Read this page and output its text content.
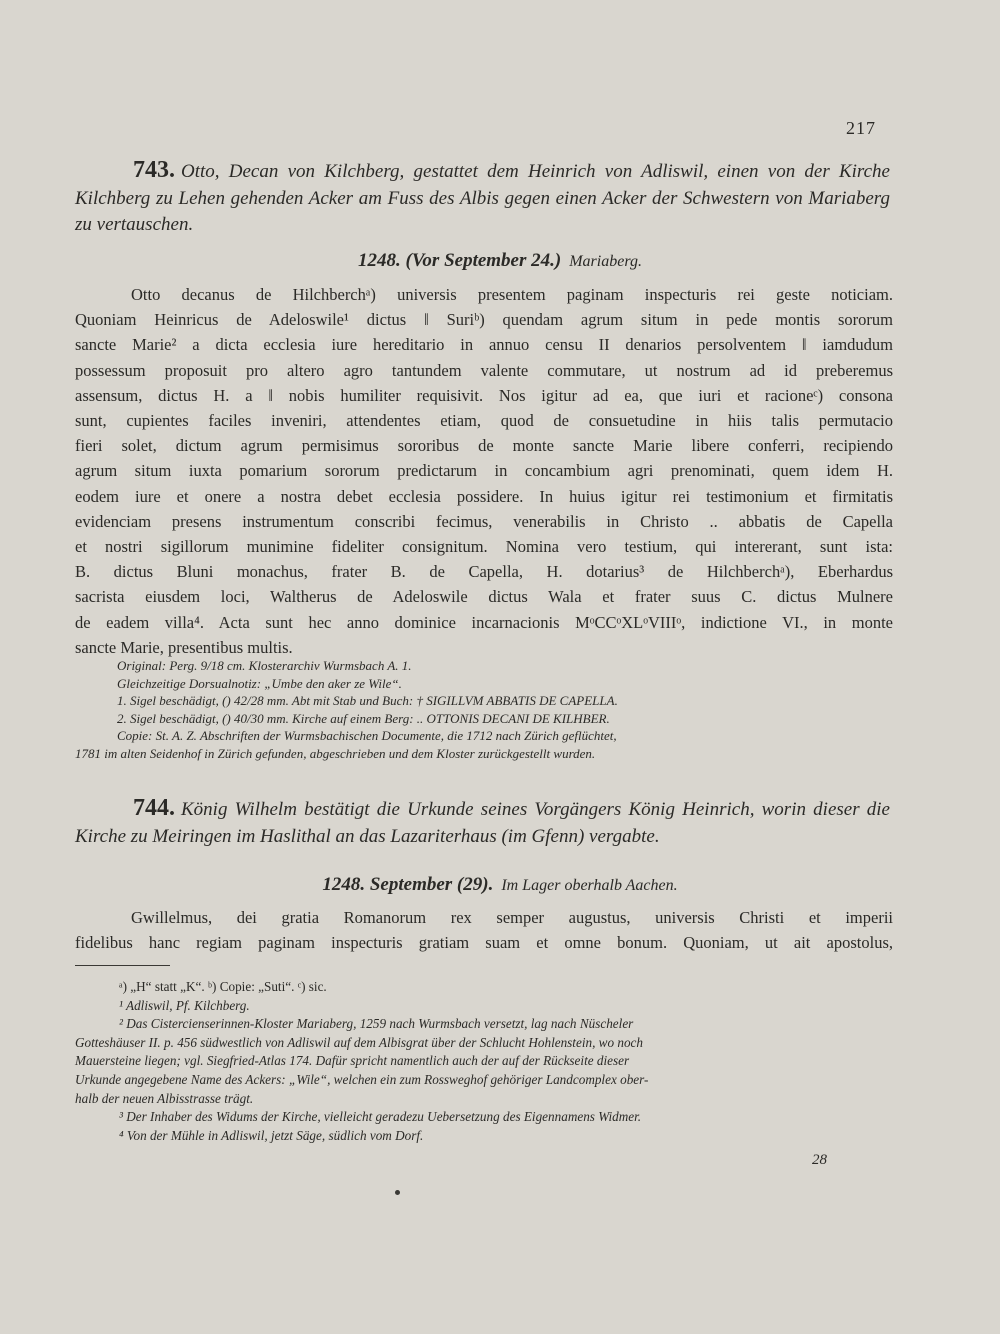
217
743. Otto, Decan von Kilchberg, gestattet dem Heinrich von Adliswil, einen von der Kirche Kilchberg zu Lehen gehenden Acker am Fuss des Albis gegen einen Acker der Schwestern von Mariaberg zu vertauschen.
1248. (Vor September 24.) Mariaberg.
Otto decanus de Hilchberchᵃ) universis presentem paginam inspecturis rei geste noticiam.
Quoniam Heinricus de Adeloswile¹ dictus ‖ Suriᵇ) quendam agrum situm in pede montis sororum
sancte Marie² a dicta ecclesia iure hereditario in annuo censu II denarios persolventem ‖ iamdudum
possessum proposuit pro altero agro tantundem valente commutare, ut nostrum ad id preberemus
assensum, dictus H. a ‖ nobis humiliter requisivit. Nos igitur ad ea, que iuri et racioneᶜ) consona
sunt, cupientes faciles inveniri, attendentes etiam, quod de consuetudine in hiis talis permutacio
fieri solet, dictum agrum permisimus sororibus de monte sancte Marie libere conferri, recipiendo
agrum situm iuxta pomarium sororum predictarum in concambium agri prenominati, quem idem H.
eodem iure et onere a nostra debet ecclesia possidere. In huius igitur rei testimonium et firmitatis
evidenciam presens instrumentum conscribi fecimus, venerabilis in Christo .. abbatis de Capella
et nostri sigillorum munimine fideliter consignitum. Nomina vero testium, qui intererant, sunt ista:
B. dictus Bluni monachus, frater B. de Capella, H. dotarius³ de Hilchberchᵃ), Eberhardus
sacrista eiusdem loci, Waltherus de Adeloswile dictus Wala et frater suus C. dictus Mulnere
de eadem villa⁴. Acta sunt hec anno dominice incarnacionis MᵒCCᵒXLᵒVIIIᵒ, indictione VI., in monte
sancte Marie, presentibus multis.
Original: Perg. 9/18 cm. Klosterarchiv Wurmsbach A. 1.
Gleichzeitige Dorsualnotiz: „Umbe den aker ze Wile“.
1. Sigel beschädigt, () 42/28 mm. Abt mit Stab und Buch: † SIGILLVM ABBATIS DE CAPELLA.
2. Sigel beschädigt, () 40/30 mm. Kirche auf einem Berg: .. OTTONIS DECANI DE KILHBER.
Copie: St. A. Z. Abschriften der Wurmsbachischen Documente, die 1712 nach Zürich geflüchtet,
1781 im alten Seidenhof in Zürich gefunden, abgeschrieben und dem Kloster zurückgestellt wurden.
744. König Wilhelm bestätigt die Urkunde seines Vorgängers König Heinrich, worin dieser die Kirche zu Meiringen im Haslithal an das Lazariterhaus (im Gfenn) vergabte.
1248. September (29). Im Lager oberhalb Aachen.
Gwillelmus, dei gratia Romanorum rex semper augustus, universis Christi et imperii
fidelibus hanc regiam paginam inspecturis gratiam suam et omne bonum. Quoniam, ut ait apostolus,
ᵃ) „H“ statt „K“. ᵇ) Copie: „Suti“. ᶜ) sic.
¹ Adliswil, Pf. Kilchberg.
² Das Cistercienserinnen-Kloster Mariaberg, 1259 nach Wurmsbach versetzt, lag nach Nüscheler
Gotteshäuser II. p. 456 südwestlich von Adliswil auf dem Albisgrat über der Schlucht Hohlenstein, wo noch
Mauersteine liegen; vgl. Siegfried-Atlas 174. Dafür spricht namentlich auch der auf der Rückseite dieser
Urkunde angegebene Name des Ackers: „Wile“, welchen ein zum Rossweghof gehöriger Landcomplex ober-
halb der neuen Albisstrasse trägt.
³ Der Inhaber des Widums der Kirche, vielleicht geradezu Uebersetzung des Eigennamens Widmer.
⁴ Von der Mühle in Adliswil, jetzt Säge, südlich vom Dorf.
28
